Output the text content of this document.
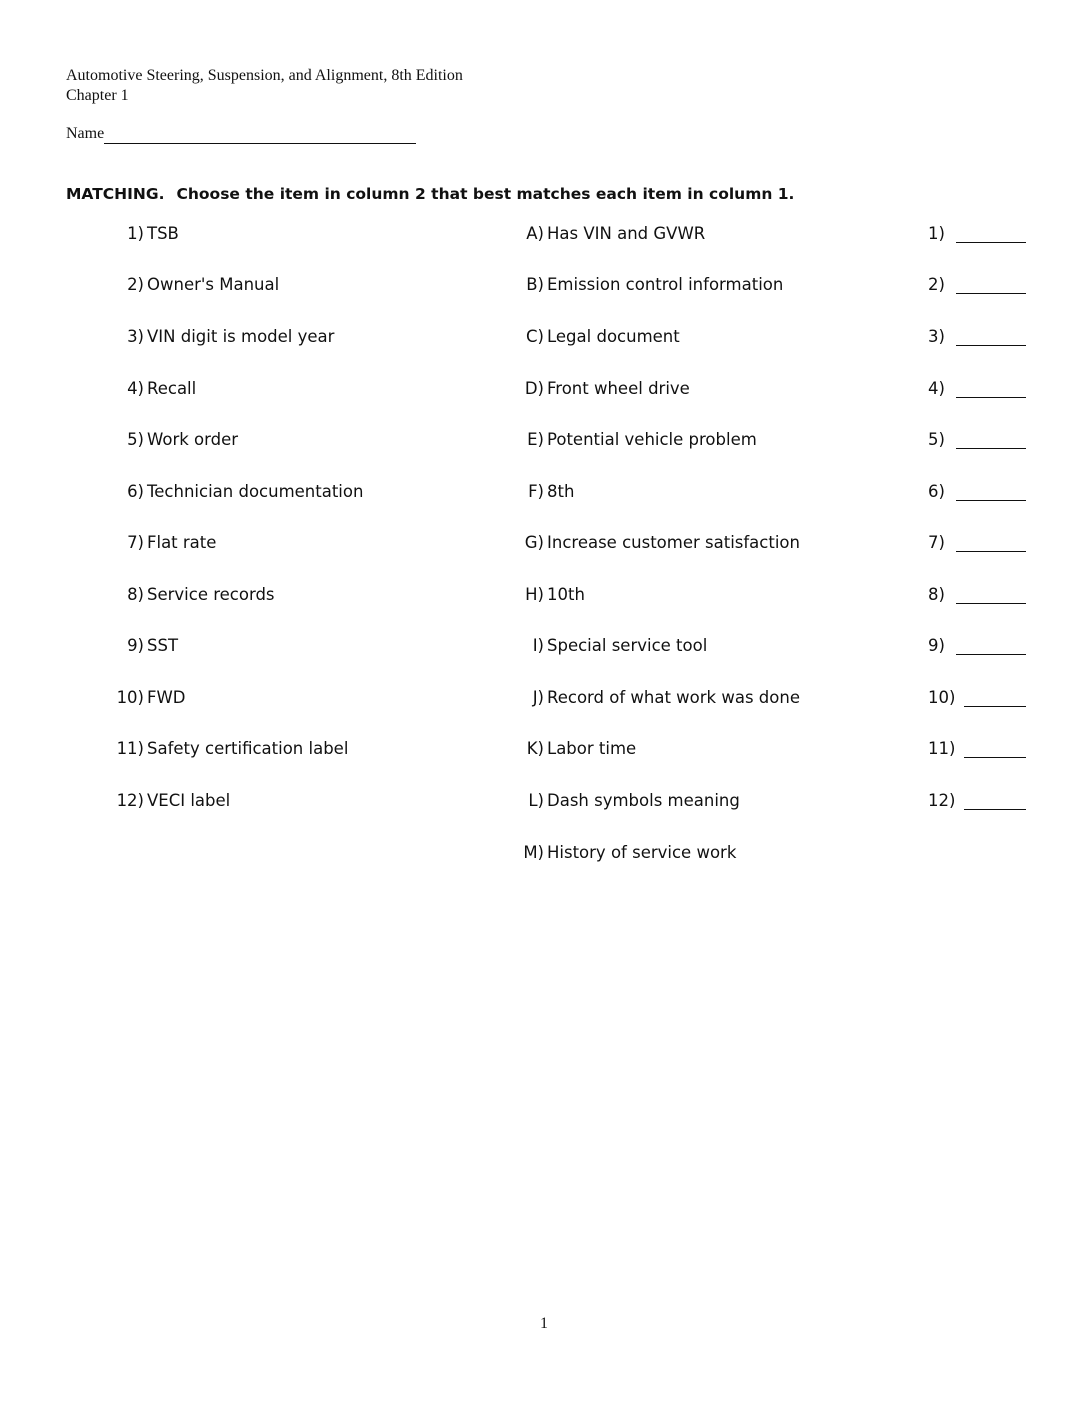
Automotive Steering, Suspension, and Alignment, 8th Edition
Chapter 1
Name
MATCHING. Choose the item in column 2 that best matches each item in column 1.
1) TSB	A) Has VIN and GVWR	1)
2) Owner's Manual	B) Emission control information	2)
3) VIN digit is model year	C) Legal document	3)
4) Recall	D) Front wheel drive	4)
5) Work order	E) Potential vehicle problem	5)
6) Technician documentation	F) 8th	6)
7) Flat rate	G) Increase customer satisfaction	7)
8) Service records	H) 10th	8)
9) SST	I) Special service tool	9)
10) FWD	J) Record of what work was done	10)
11) Safety certification label	K) Labor time	11)
12) VECI label	L) Dash symbols meaning	12)
M) History of service work
1
